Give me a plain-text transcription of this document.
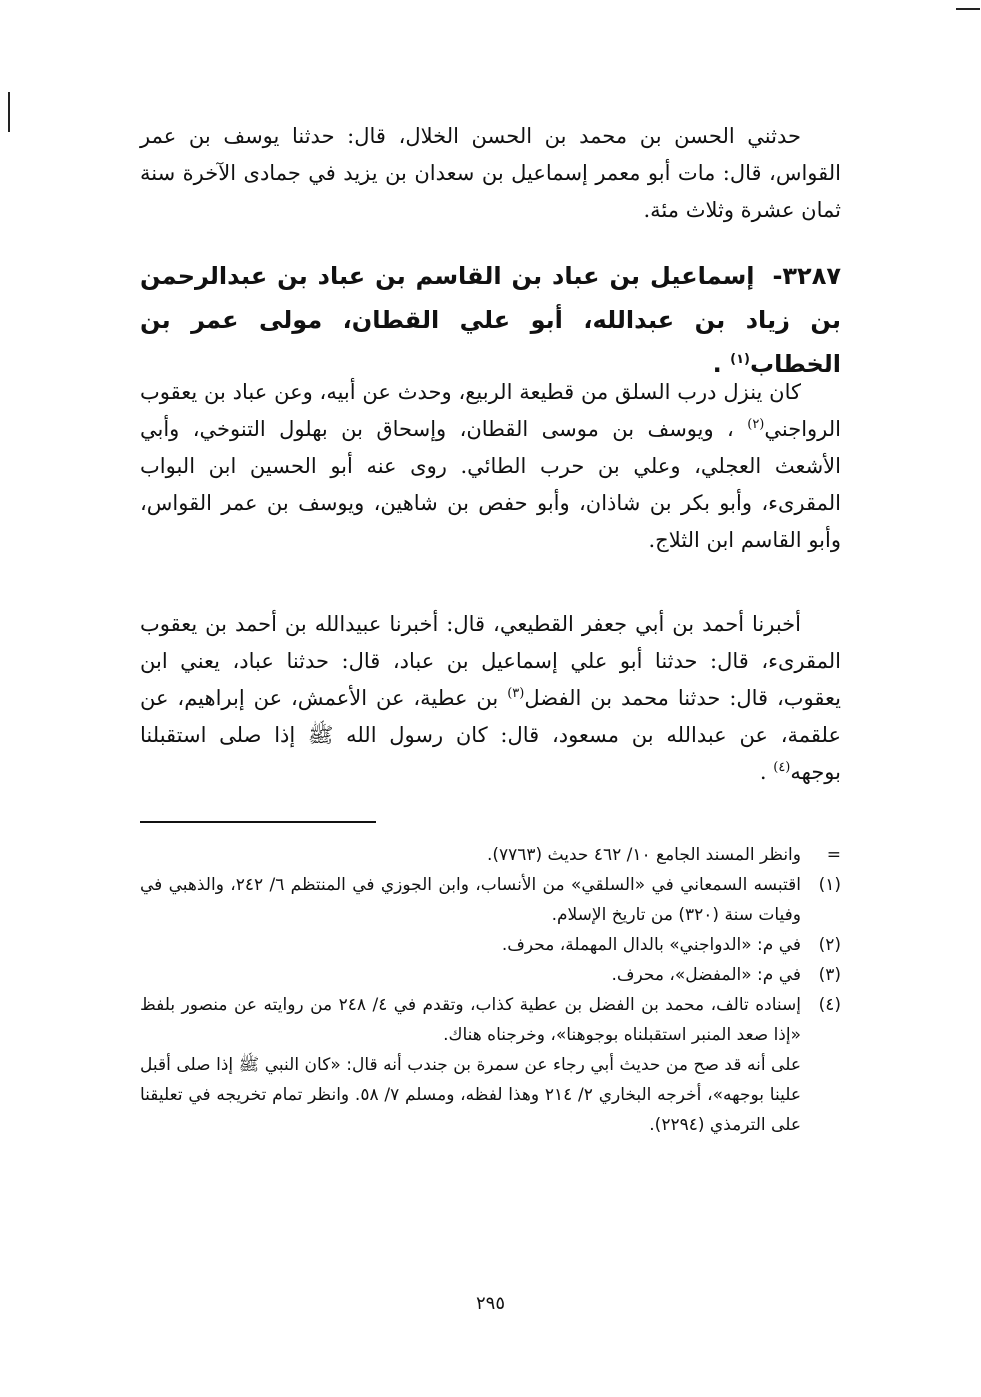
حدثني الحسن بن محمد بن الحسن الخلال، قال: حدثنا يوسف بن عمر القواس، قال: مات أبو معمر إسماعيل بن سعدان بن يزيد في جمادى الآخرة سنة ثمان عشرة وثلاث مئة.

٣٢٨٧- إسماعيل بن عباد بن القاسم بن عباد بن عبدالرحمن بن زياد بن عبدالله، أبو علي القطان، مولى عمر بن الخطاب$^{(١)}$ .

كان ينزل درب السلق من قطيعة الربيع، وحدث عن أبيه، وعن عباد بن يعقوب الرواجني$^{(٢)}$ ، ويوسف بن موسى القطان، وإسحاق بن بهلول التنوخي، وأبي الأشعث العجلي، وعلي بن حرب الطائي. روى عنه أبو الحسين ابن البواب المقرىء، وأبو بكر بن شاذان، وأبو حفص بن شاهين، ويوسف بن عمر القواس، وأبو القاسم ابن الثلاج.

أخبرنا أحمد بن أبي جعفر القطيعي، قال: أخبرنا عبيدالله بن أحمد بن يعقوب المقرىء، قال: حدثنا أبو علي إسماعيل بن عباد، قال: حدثنا عباد، يعني ابن يعقوب، قال: حدثنا محمد بن الفضل$^{(٣)}$ بن عطية، عن الأعمش، عن إبراهيم، عن علقمة، عن عبدالله بن مسعود، قال: كان رسول الله ﷺ إذا صلى استقبلنا بوجهه$^{(٤)}$ .

=
وانظر المسند الجامع ١٠/ ٤٦٢ حديث (٧٧٦٣).
(١)
اقتبسه السمعاني في «السلقي» من الأنساب، وابن الجوزي في المنتظم ٦/ ٢٤٢، والذهبي في وفيات سنة (٣٢٠) من تاريخ الإسلام.
(٢)
في م: «الدواجني» بالدال المهملة، محرف.
(٣)
في م: «المفضل»، محرف.
(٤)
إسناده تالف، محمد بن الفضل بن عطية كذاب، وتقدم في ٤/ ٢٤٨ من روايته عن منصور بلفظ «إذا صعد المنبر استقبلناه بوجوهنا»، وخرجناه هناك.
على أنه قد صح من حديث أبي رجاء عن سمرة بن جندب أنه قال: «كان النبي ﷺ إذا صلى أقبل علينا بوجهه»، أخرجه البخاري ٢/ ٢١٤ وهذا لفظه، ومسلم ٧/ ٥٨. وانظر تمام تخريجه في تعليقنا على الترمذي (٢٢٩٤).
٢٩٥
